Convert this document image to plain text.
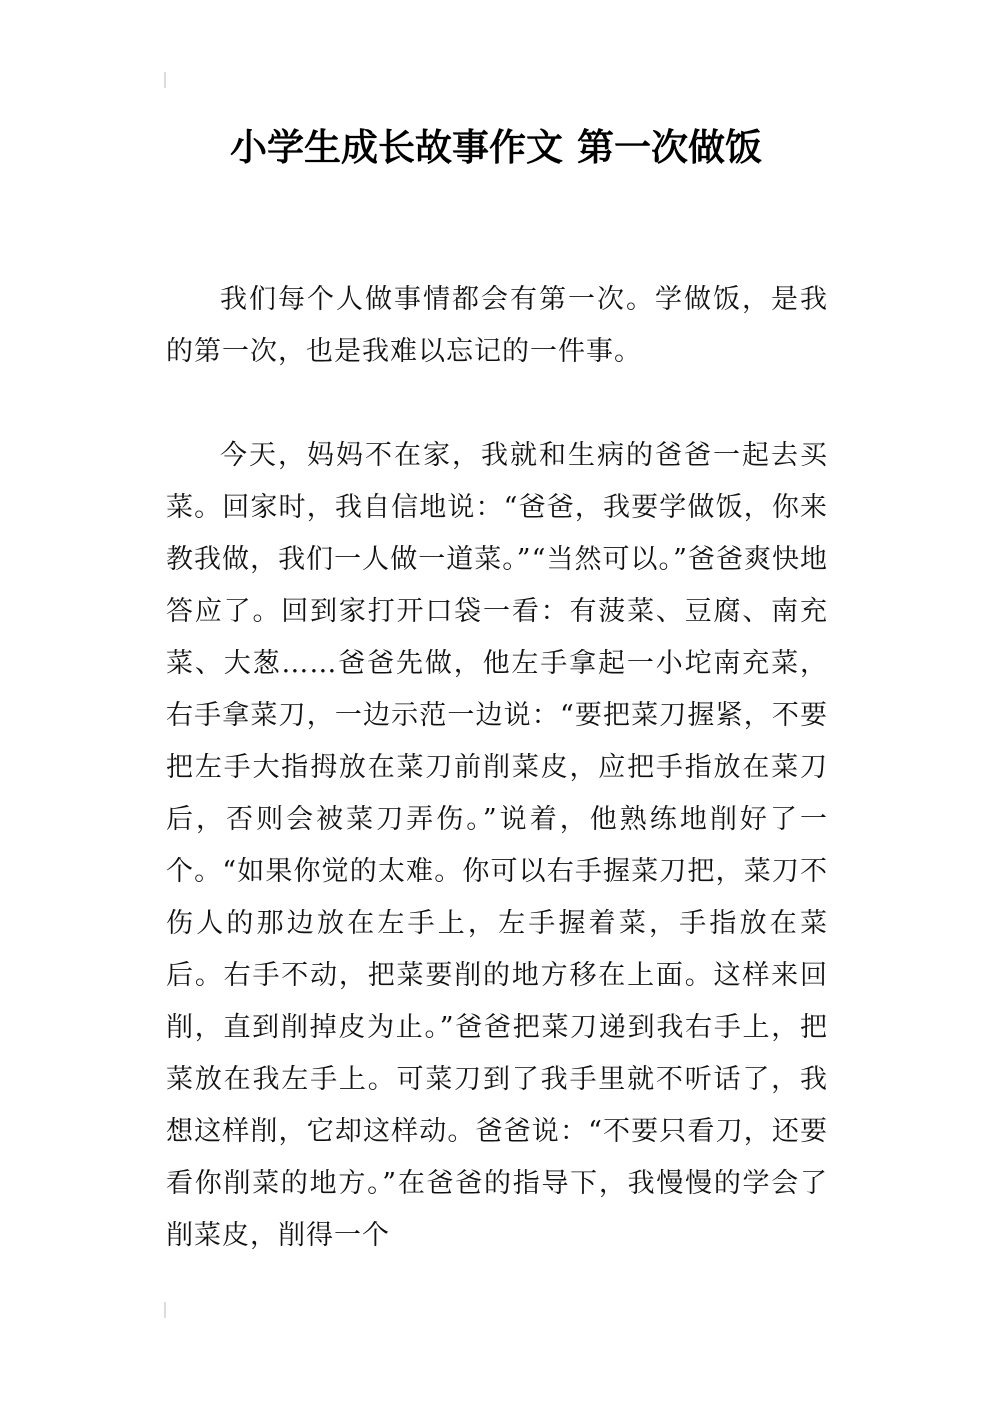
小学生成长故事作文 第一次做饭

我们每个人做事情都会有第一次。学做饭，是我的第一次，也是我难以忘记的一件事。

今天，妈妈不在家，我就和生病的爸爸一起去买菜。回家时，我自信地说：“爸爸，我要学做饭，你来教我做，我们一人做一道菜。”“当然可以。”爸爸爽快地答应了。回到家打开口袋一看：有菠菜、豆腐、南充菜、大葱……爸爸先做，他左手拿起一小坨南充菜，右手拿菜刀，一边示范一边说：“要把菜刀握紧，不要把左手大指拇放在菜刀前削菜皮，应把手指放在菜刀后，否则会被菜刀弄伤。”说着，他熟练地削好了一个。“如果你觉的太难。你可以右手握菜刀把，菜刀不伤人的那边放在左手上，左手握着菜，手指放在菜后。右手不动，把菜要削的地方移在上面。这样来回削，直到削掉皮为止。”爸爸把菜刀递到我右手上，把菜放在我左手上。可菜刀到了我手里就不听话了，我想这样削，它却这样动。爸爸说：“不要只看刀，还要看你削菜的地方。”在爸爸的指导下，我慢慢的学会了削菜皮，削得一个
